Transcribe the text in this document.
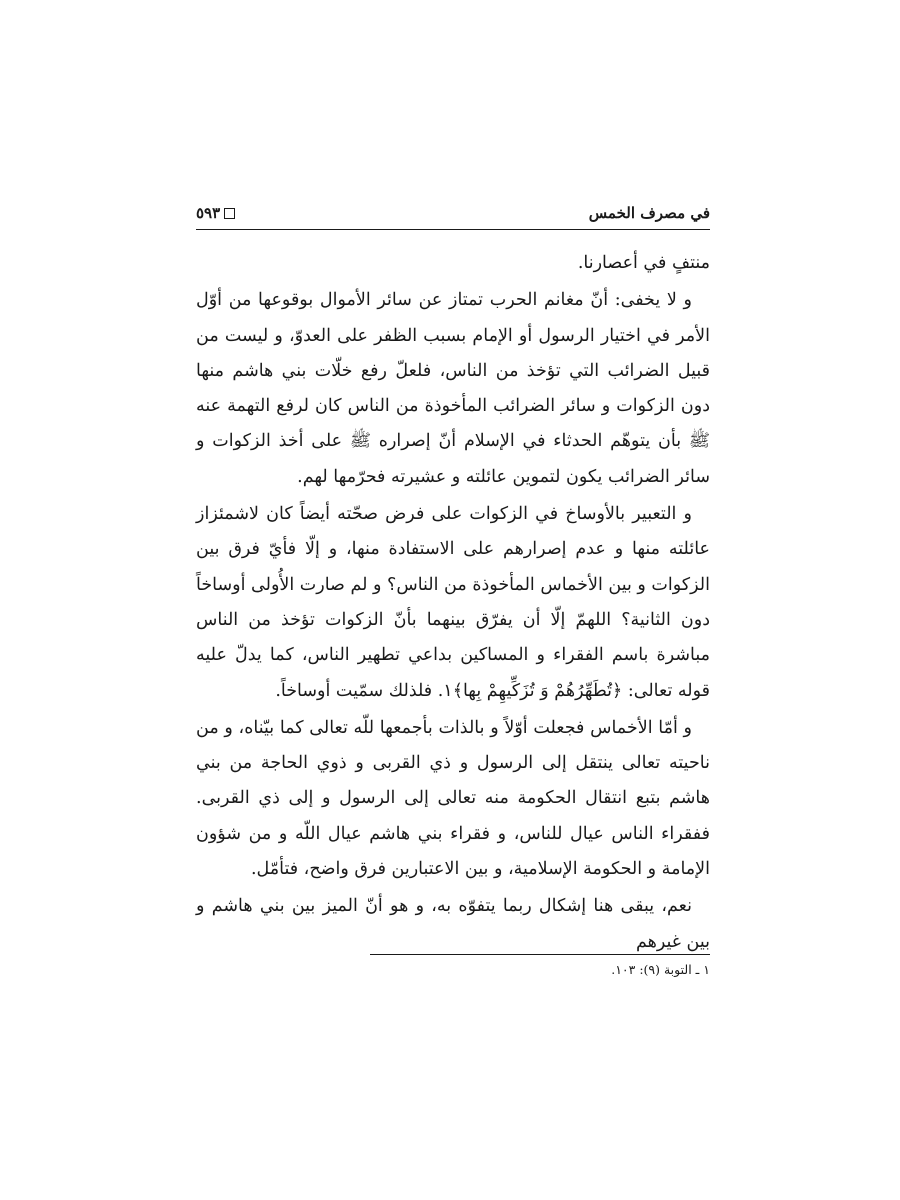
في مصرف الخمس
٥٩٣

منتفٍ في أعصارنا.

و لا يخفى: أنّ مغانم الحرب تمتاز عن سائر الأموال بوقوعها من أوّل الأمر في اختيار الرسول أو الإمام بسبب الظفر على العدوّ، و ليست من قبيل الضرائب التي تؤخذ من الناس، فلعلّ رفع خلّات بني هاشم منها دون الزكوات و سائر الضرائب المأخوذة من الناس كان لرفع التهمة عنه ﷺ بأن يتوهّم الحدثاء في الإسلام أنّ إصراره ﷺ على أخذ الزكوات و سائر الضرائب يكون لتموين عائلته و عشيرته فحرّمها لهم.

و التعبير بالأوساخ في الزكوات على فرض صحّته أيضاً كان لاشمئزاز عائلته منها و عدم إصرارهم على الاستفادة منها، و إلّا فأيّ فرق بين الزكوات و بين الأخماس المأخوذة من الناس؟ و لم صارت الأُولى أوساخاً دون الثانية؟ اللهمّ إلّا أن يفرّق بينهما بأنّ الزكوات تؤخذ من الناس مباشرة باسم الفقراء و المساكين بداعي تطهير الناس، كما يدلّ عليه قوله تعالى: ﴿تُطَهِّرُهُمْ وَ تُزَكِّيهِمْ بِها﴾١. فلذلك سمّيت أوساخاً.

و أمّا الأخماس فجعلت أوّلاً و بالذات بأجمعها للّه تعالى كما بيّناه، و من ناحيته تعالى ينتقل إلى الرسول و ذي القربى و ذوي الحاجة من بني هاشم بتبع انتقال الحكومة منه تعالى إلى الرسول و إلى ذي القربى. ففقراء الناس عيال للناس، و فقراء بني هاشم عيال اللّه و من شؤون الإمامة و الحكومة الإسلامية، و بين الاعتبارين فرق واضح، فتأمّل.

نعم، يبقى هنا إشكال ربما يتفوّه به، و هو أنّ الميز بين بني هاشم و بين غيرهم

١ ـ التوبة (٩): ١٠٣.
